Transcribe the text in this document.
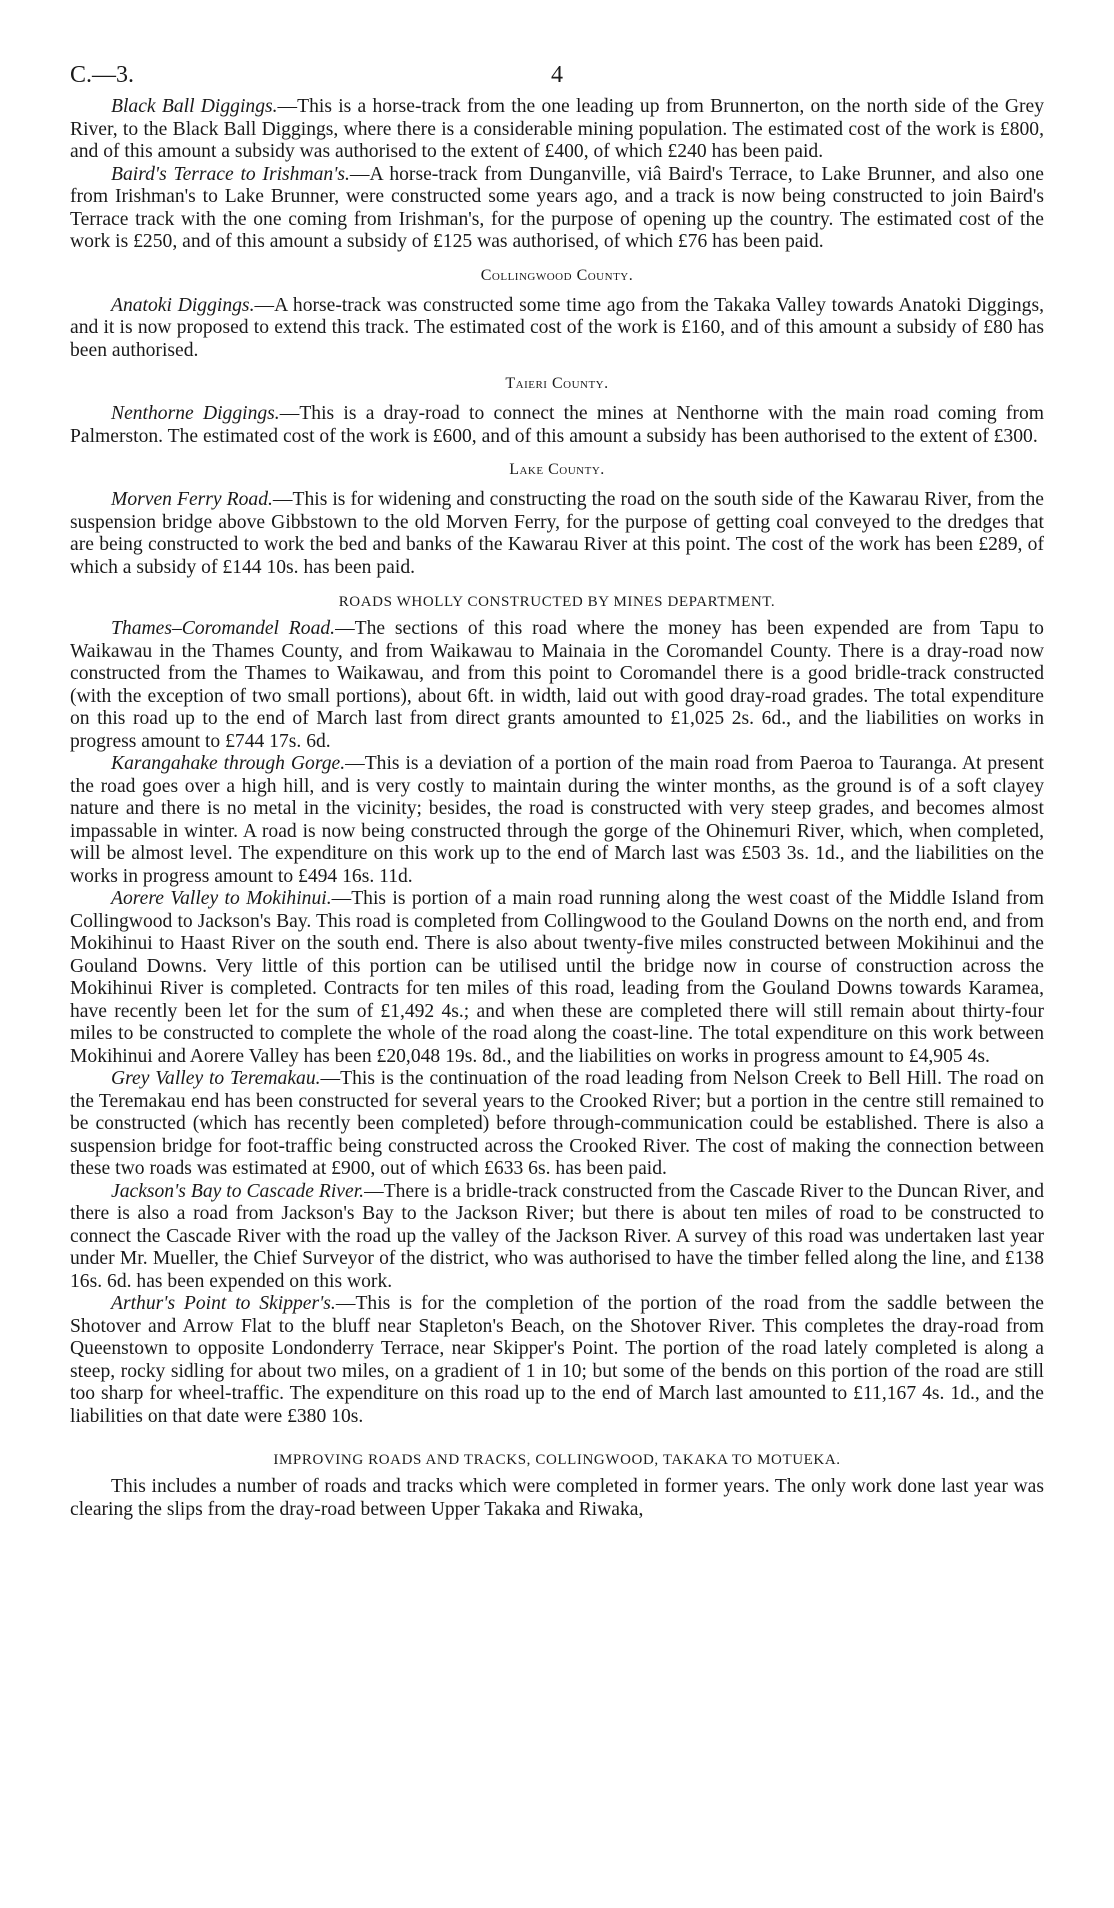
C.—3.	4

Black Ball Diggings.—This is a horse-track from the one leading up from Brunnerton, on the north side of the Grey River, to the Black Ball Diggings, where there is a considerable mining population. The estimated cost of the work is £800, and of this amount a subsidy was authorised to the extent of £400, of which £240 has been paid.

Baird's Terrace to Irishman's.—A horse-track from Dunganville, viâ Baird's Terrace, to Lake Brunner, and also one from Irishman's to Lake Brunner, were constructed some years ago, and a track is now being constructed to join Baird's Terrace track with the one coming from Irishman's, for the purpose of opening up the country. The estimated cost of the work is £250, and of this amount a subsidy of £125 was authorised, of which £76 has been paid.

Collingwood County.

Anatoki Diggings.—A horse-track was constructed some time ago from the Takaka Valley towards Anatoki Diggings, and it is now proposed to extend this track. The estimated cost of the work is £160, and of this amount a subsidy of £80 has been authorised.

Taieri County.

Nenthorne Diggings.—This is a dray-road to connect the mines at Nenthorne with the main road coming from Palmerston. The estimated cost of the work is £600, and of this amount a subsidy has been authorised to the extent of £300.

Lake County.

Morven Ferry Road.—This is for widening and constructing the road on the south side of the Kawarau River, from the suspension bridge above Gibbstown to the old Morven Ferry, for the purpose of getting coal conveyed to the dredges that are being constructed to work the bed and banks of the Kawarau River at this point. The cost of the work has been £289, of which a subsidy of £144 10s. has been paid.

ROADS WHOLLY CONSTRUCTED BY MINES DEPARTMENT.

Thames–Coromandel Road.—The sections of this road where the money has been expended are from Tapu to Waikawau in the Thames County, and from Waikawau to Mainaia in the Coromandel County. There is a dray-road now constructed from the Thames to Waikawau, and from this point to Coromandel there is a good bridle-track constructed (with the exception of two small portions), about 6ft. in width, laid out with good dray-road grades. The total expenditure on this road up to the end of March last from direct grants amounted to £1,025 2s. 6d., and the liabilities on works in progress amount to £744 17s. 6d.

Karangahake through Gorge.—This is a deviation of a portion of the main road from Paeroa to Tauranga. At present the road goes over a high hill, and is very costly to maintain during the winter months, as the ground is of a soft clayey nature and there is no metal in the vicinity; besides, the road is constructed with very steep grades, and becomes almost impassable in winter. A road is now being constructed through the gorge of the Ohinemuri River, which, when completed, will be almost level. The expenditure on this work up to the end of March last was £503 3s. 1d., and the liabilities on the works in progress amount to £494 16s. 11d.

Aorere Valley to Mokihinui.—This is portion of a main road running along the west coast of the Middle Island from Collingwood to Jackson's Bay. This road is completed from Collingwood to the Gouland Downs on the north end, and from Mokihinui to Haast River on the south end. There is also about twenty-five miles constructed between Mokihinui and the Gouland Downs. Very little of this portion can be utilised until the bridge now in course of construction across the Mokihinui River is completed. Contracts for ten miles of this road, leading from the Gouland Downs towards Karamea, have recently been let for the sum of £1,492 4s.; and when these are completed there will still remain about thirty-four miles to be constructed to complete the whole of the road along the coast-line. The total expenditure on this work between Mokihinui and Aorere Valley has been £20,048 19s. 8d., and the liabilities on works in progress amount to £4,905 4s.

Grey Valley to Teremakau.—This is the continuation of the road leading from Nelson Creek to Bell Hill. The road on the Teremakau end has been constructed for several years to the Crooked River; but a portion in the centre still remained to be constructed (which has recently been completed) before through-communication could be established. There is also a suspension bridge for foot-traffic being constructed across the Crooked River. The cost of making the connection between these two roads was estimated at £900, out of which £633 6s. has been paid.

Jackson's Bay to Cascade River.—There is a bridle-track constructed from the Cascade River to the Duncan River, and there is also a road from Jackson's Bay to the Jackson River; but there is about ten miles of road to be constructed to connect the Cascade River with the road up the valley of the Jackson River. A survey of this road was undertaken last year under Mr. Mueller, the Chief Surveyor of the district, who was authorised to have the timber felled along the line, and £138 16s. 6d. has been expended on this work.

Arthur's Point to Skipper's.—This is for the completion of the portion of the road from the saddle between the Shotover and Arrow Flat to the bluff near Stapleton's Beach, on the Shotover River. This completes the dray-road from Queenstown to opposite Londonderry Terrace, near Skipper's Point. The portion of the road lately completed is along a steep, rocky sidling for about two miles, on a gradient of 1 in 10; but some of the bends on this portion of the road are still too sharp for wheel-traffic. The expenditure on this road up to the end of March last amounted to £11,167 4s. 1d., and the liabilities on that date were £380 10s.

IMPROVING ROADS AND TRACKS, COLLINGWOOD, TAKAKA TO MOTUEKA.

This includes a number of roads and tracks which were completed in former years. The only work done last year was clearing the slips from the dray-road between Upper Takaka and Riwaka,
